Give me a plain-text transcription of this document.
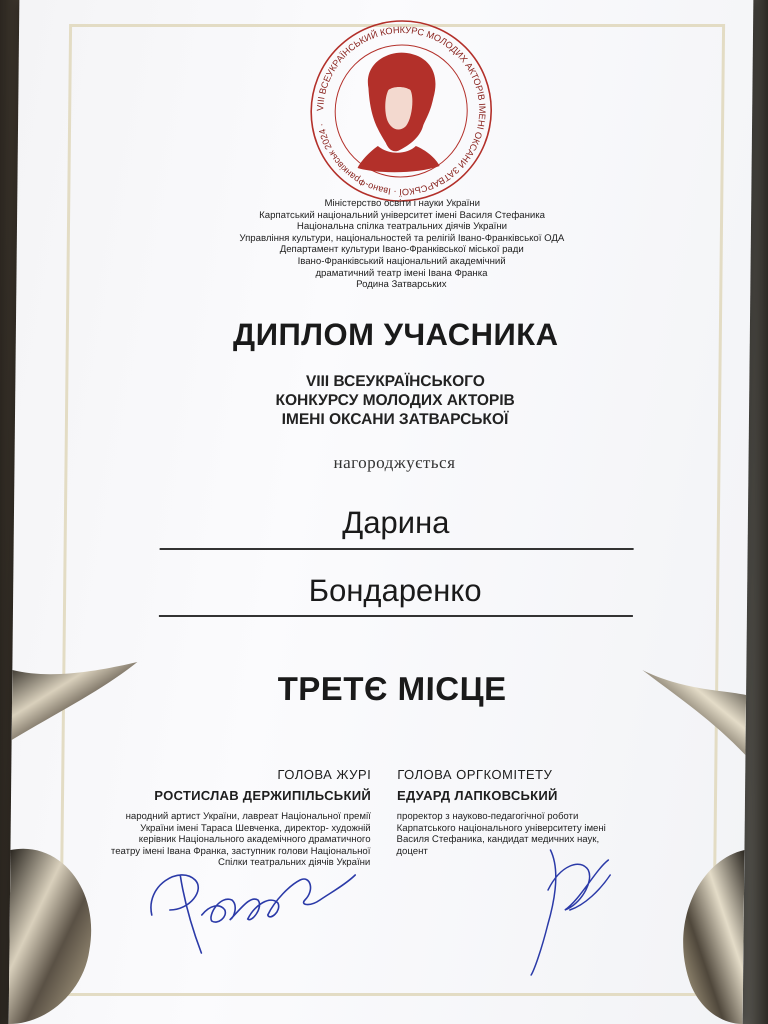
VIII ВСЕУКРАЇНСЬКИЙ КОНКУРС МОЛОДИХ АКТОРІВ ІМЕНІ ОКСАНИ ЗАТВАРСЬКОЇ · Івано-Франківськ 2024 ·
Міністерство освіти і науки України
Карпатський національний університет імені Василя Стефаника
Національна спілка театральних діячів України
Управління культури, національностей та релігій Івано-Франківської ОДА
Департамент культури Івано-Франківської міської ради
Івано-Франківський національний академічний
драматичний театр імені Івана Франка
Родина Затварських
ДИПЛОМ УЧАСНИКА
VIII ВСЕУКРАЇНСЬКОГО
КОНКУРСУ МОЛОДИХ АКТОРІВ
ІМЕНІ ОКСАНИ ЗАТВАРСЬКОЇ
нагороджується
Дарина
Бондаренко
ТРЕТЄ МІСЦЕ
ГОЛОВА ЖУРІ
РОСТИСЛАВ ДЕРЖИПІЛЬСЬКИЙ
народний артист України, лавреат Національної премії
України імені Тараса Шевченка, директор- художній
керівник Національного академічного драматичного
театру імені Івана Франка, заступник голови Національної
Спілки театральних діячів України
ГОЛОВА ОРГКОМІТЕТУ
ЕДУАРД ЛАПКОВСЬКИЙ
проректор з науково-педагогічної роботи
Карпатського національного університету імені
Василя Стефаника, кандидат медичних наук,
доцент
